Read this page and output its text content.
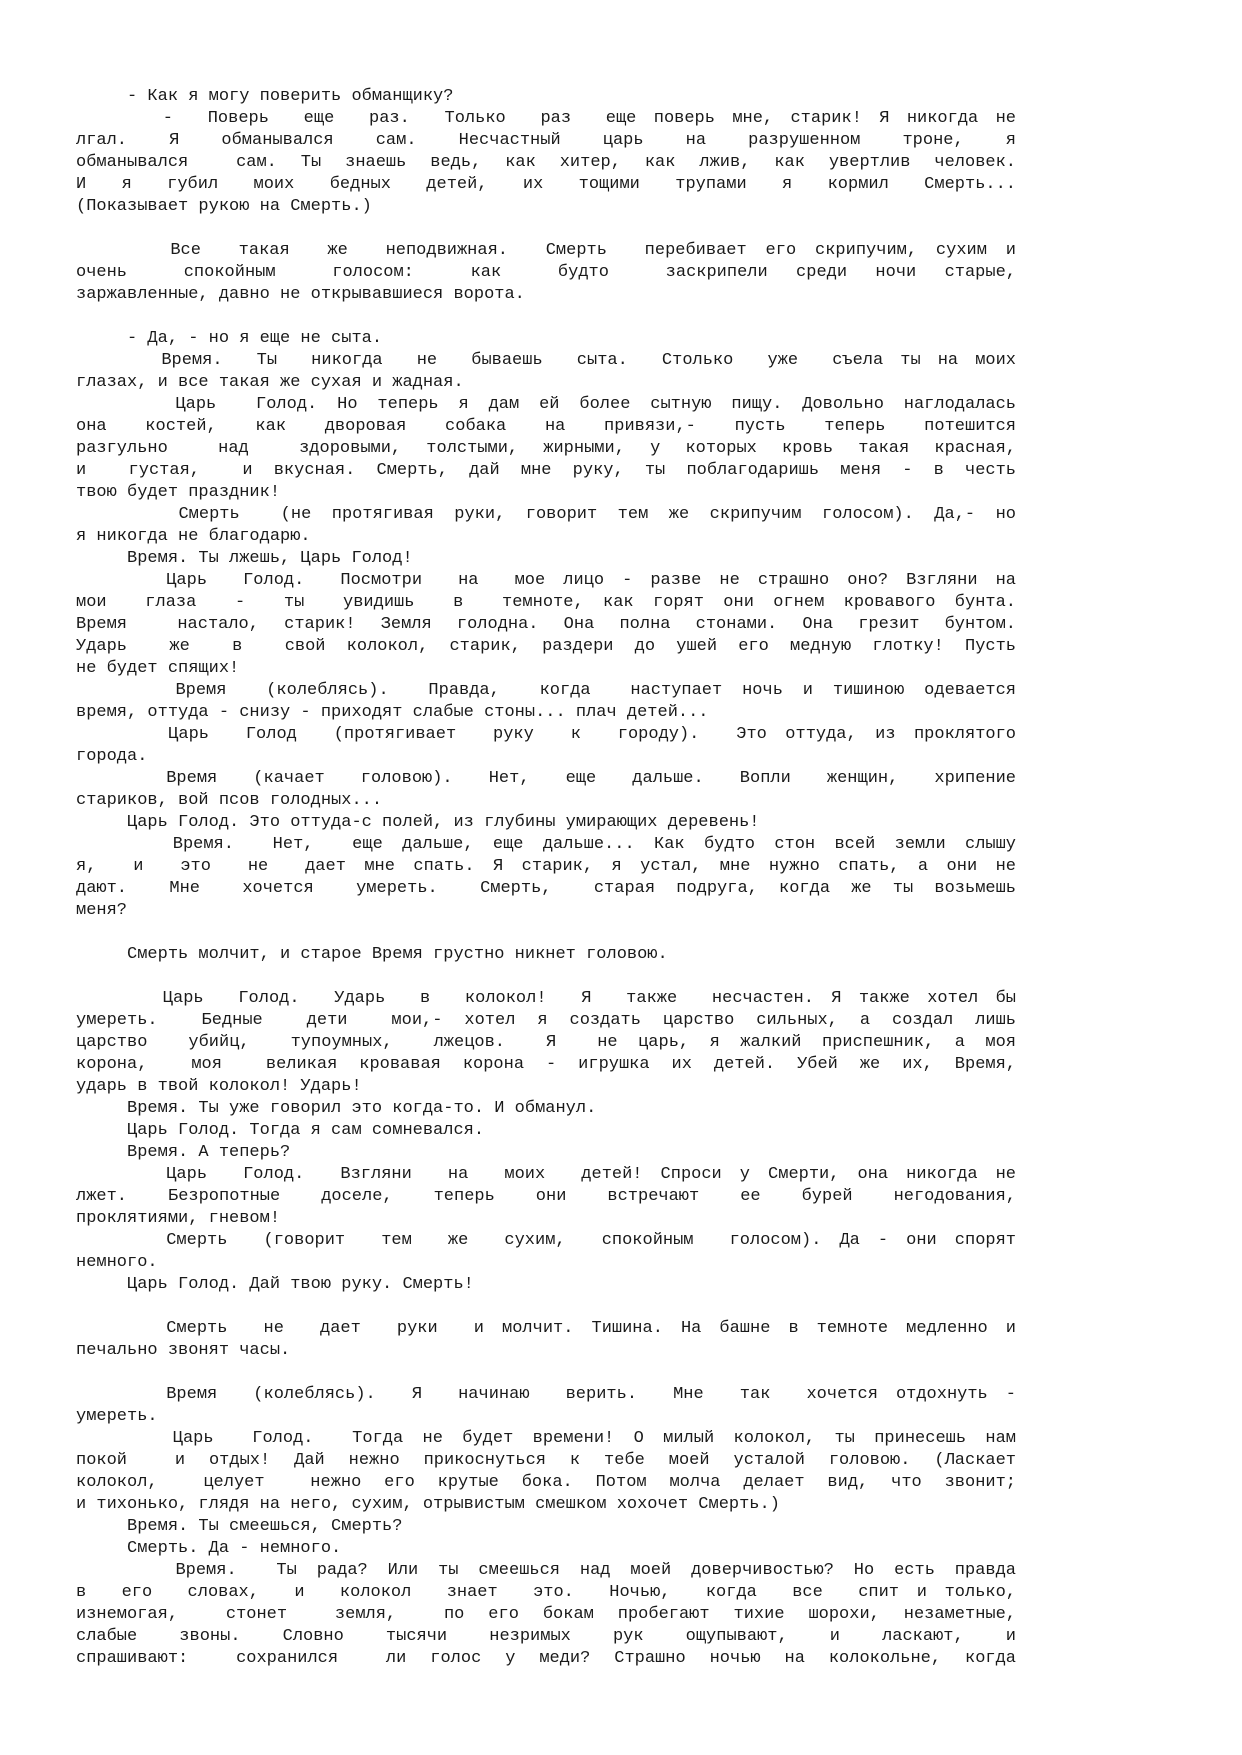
- Как я могу поверить обманщику?
-  Поверь  еще  раз.  Только  раз  еще поверь мне, старик! Я никогда не
лгал.  Я  обманывался  сам.  Несчастный  царь  на  разрушенном  троне,  я
обманывался  сам. Ты знаешь ведь, как хитер, как лжив, как увертлив человек.
И  я  губил  моих  бедных  детей,  их  тощими  трупами  я  кормил  Смерть...
(Показывает рукою на Смерть.)
Все  такая  же  неподвижная.  Смерть  перебивает его скрипучим, сухим и
очень  спокойным  голосом:  как  будто  заскрипели среди ночи старые,
заржавленные, давно не открывавшиеся ворота.
- Да, - но я еще не сыта.
Время.  Ты  никогда  не  бываешь  сыта.  Столько  уже  съела ты на моих
глазах, и все такая же сухая и жадная.
Царь  Голод. Но теперь я дам ей более сытную пищу. Довольно наглодалась
она  костей,  как  дворовая  собака  на  привязи,-  пусть  теперь  потешится
разгульно  над  здоровыми, толстыми, жирными, у которых кровь такая красная,
и  густая,  и вкусная. Смерть, дай мне руку, ты поблагодаришь меня - в честь
твою будет праздник!
Смерть  (не протягивая руки, говорит тем же скрипучим голосом). Да,- но
я никогда не благодарю.
Время. Ты лжешь, Царь Голод!
Царь  Голод.  Посмотри  на  мое лицо - разве не страшно оно? Взгляни на
мои  глаза  -  ты  увидишь  в  темноте, как горят они огнем кровавого бунта.
Время  настало, старик! Земля голодна. Она полна стонами. Она грезит бунтом.
Ударь  же  в  свой колокол, старик, раздери до ушей его медную глотку! Пусть
не будет спящих!
Время  (колеблясь).  Правда,  когда  наступает ночь и тишиною одевается
время, оттуда - снизу - приходят слабые стоны... плач детей...
Царь  Голод  (протягивает  руку  к  городу).  Это оттуда, из проклятого
города.
Время  (качает  головою).  Нет,  еще  дальше.  Вопли  женщин,  хрипение
стариков, вой псов голодных...
Царь Голод. Это оттуда-с полей, из глубины умирающих деревень!
Время.  Нет,  еще дальше, еще дальше... Как будто стон всей земли слышу
я,  и  это  не  дает мне спать. Я старик, я устал, мне нужно спать, а они не
дают.  Мне  хочется  умереть.  Смерть,  старая подруга, когда же ты возьмешь
меня?
Смерть молчит, и старое Время грустно никнет головою.
Царь  Голод.  Ударь  в  колокол!  Я  также  несчастен. Я также хотел бы
умереть.  Бедные  дети  мои,- хотел я создать царство сильных, а создал лишь
царство  убийц,  тупоумных,  лжецов.  Я  не царь, я жалкий приспешник, а моя
корона,  моя  великая кровавая корона - игрушка их детей. Убей же их, Время,
ударь в твой колокол! Ударь!
Время. Ты уже говорил это когда-то. И обманул.
Царь Голод. Тогда я сам сомневался.
Время. А теперь?
Царь  Голод.  Взгляни  на  моих  детей! Спроси у Смерти, она никогда не
лжет.  Безропотные  доселе,  теперь  они  встречают  ее  бурей  негодования,
проклятиями, гневом!
Смерть  (говорит  тем  же  сухим,  спокойным  голосом). Да - они спорят
немного.
Царь Голод. Дай твою руку. Смерть!
Смерть  не  дает  руки  и молчит. Тишина. На башне в темноте медленно и
печально звонят часы.
Время  (колеблясь).  Я  начинаю  верить.  Мне  так  хочется отдохнуть -
умереть.
Царь  Голод.  Тогда не будет времени! О милый колокол, ты принесешь нам
покой  и отдых! Дай нежно прикоснуться к тебе моей усталой головою. (Ласкает
колокол,  целует  нежно его крутые бока. Потом молча делает вид, что звонит;
и тихонько, глядя на него, сухим, отрывистым смешком хохочет Смерть.)
Время. Ты смеешься, Смерть?
Смерть. Да - немного.
Время.  Ты рада? Или ты смеешься над моей доверчивостью? Но есть правда
в  его  словах,  и  колокол  знает  это.  Ночью,  когда  все  спит и только,
изнемогая,  стонет  земля,  по его бокам пробегают тихие шорохи, незаметные,
слабые  звоны.  Словно  тысячи  незримых  рук  ощупывают,  и  ласкают,  и
спрашивают:  сохранился  ли голос у меди? Страшно ночью на колокольне, когда
